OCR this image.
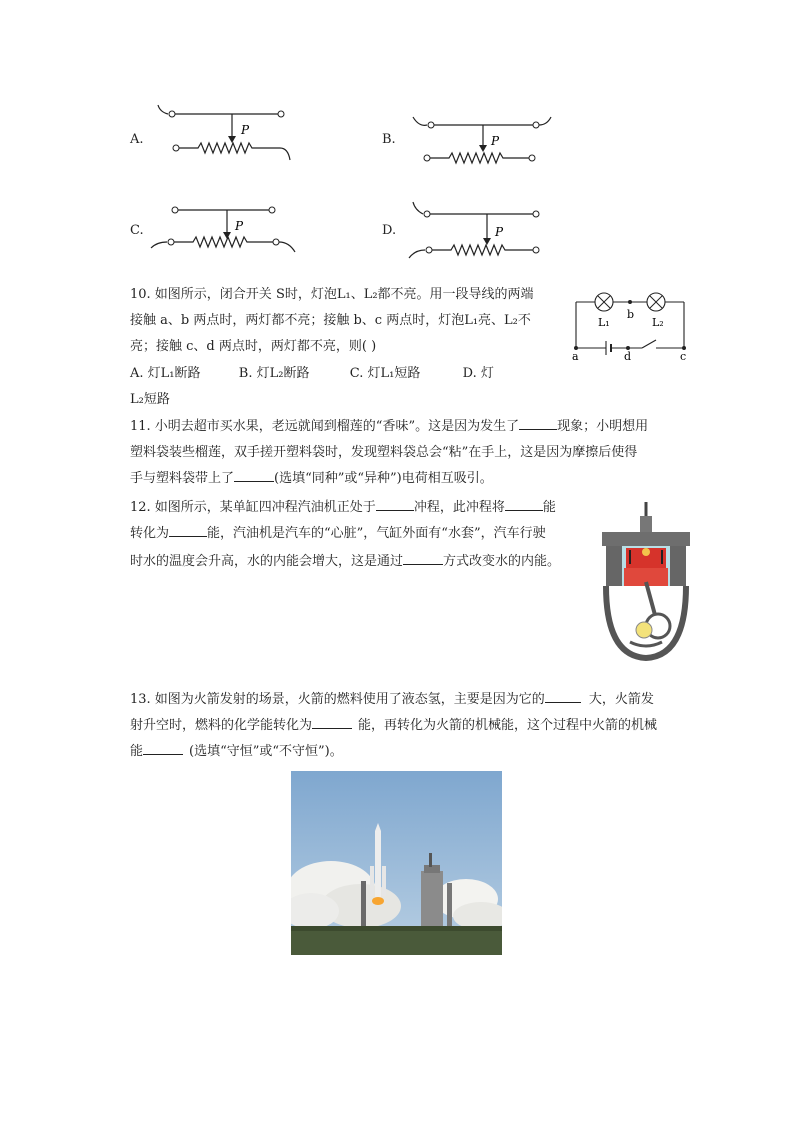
A.
P
B.	P
C.	P	D.	P
10. 如图所示，闭合开关 S时，灯泡L₁、L₂都不亮。用一段导线的两端
接触 a、b 两点时，两灯都不亮；接触 b、c 两点时，灯泡L₁亮、L₂不
亮；接触 c、d 两点时，两灯都不亮，则( )
A. 灯L₁断路	B. 灯L₂断路	C. 灯L₁短路	D. 灯
L₂短路
L₁
b
L₂
a	d	c
11. 小明去超市买水果，老远就闻到榴莲的“香味”。这是因为发生了	现象；小明想用
塑料袋装些榴莲，双手搓开塑料袋时，发现塑料袋总会“粘”在手上，这是因为摩擦后使得
手与塑料袋带上了	(选填“同种”或“异种”)电荷相互吸引。
12. 如图所示，某单缸四冲程汽油机正处于	冲程，此冲程将	能
转化为	能，汽油机是汽车的“心脏”，气缸外面有“水套”，汽车行驶
时水的温度会升高，水的内能会增大，这是通过	方式改变水的内能。
13. 如图为火箭发射的场景，火箭的燃料使用了液态氢，主要是因为它的	大，火箭发
射升空时，燃料的化学能转化为	能，再转化为火箭的机械能，这个过程中火箭的机械
能	(选填“守恒”或“不守恒”)。
